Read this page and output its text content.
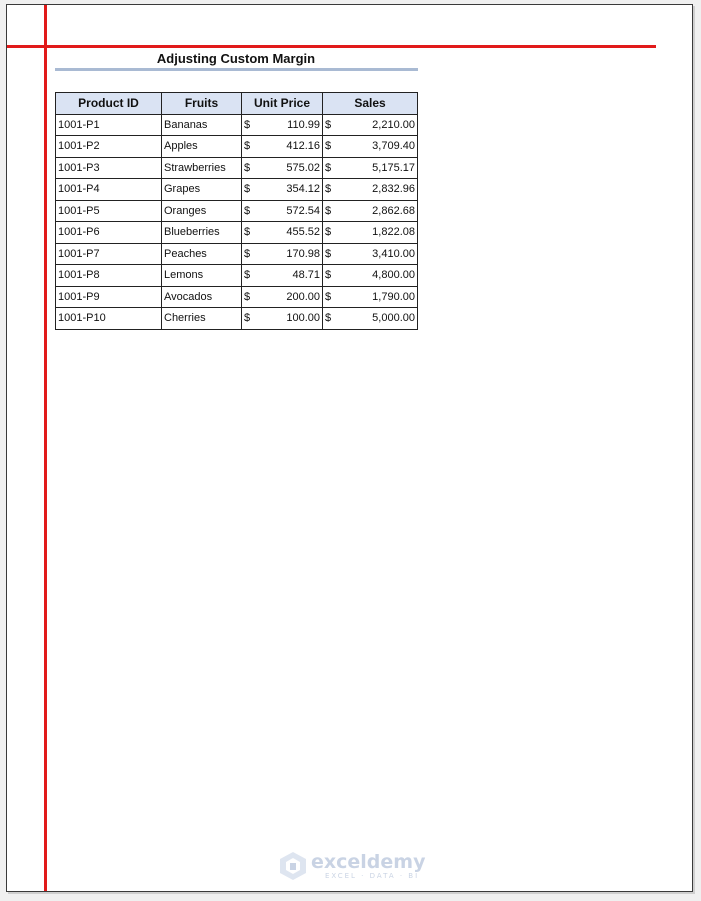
Adjusting Custom Margin
Product ID	Fruits	Unit Price	Sales
1001-P1	Bananas	$ 110.99	$ 2,210.00

1001-P2	Apples	$ 412.16	$ 3,709.40

1001-P3	Strawberries	$ 575.02	$ 5,175.17

1001-P4	Grapes	$ 354.12	$ 2,832.96

1001-P5	Oranges	$ 572.54	$ 2,862.68

1001-P6	Blueberries	$ 455.52	$ 1,822.08

1001-P7	Peaches	$ 170.98	$ 3,410.00

1001-P8	Lemons	$ 48.71	$ 4,800.00

1001-P9	Avocados	$ 200.00	$ 1,790.00

1001-P10	Cherries	$ 100.00	$ 5,000.00
exceldemy
EXCEL · DATA · BI
